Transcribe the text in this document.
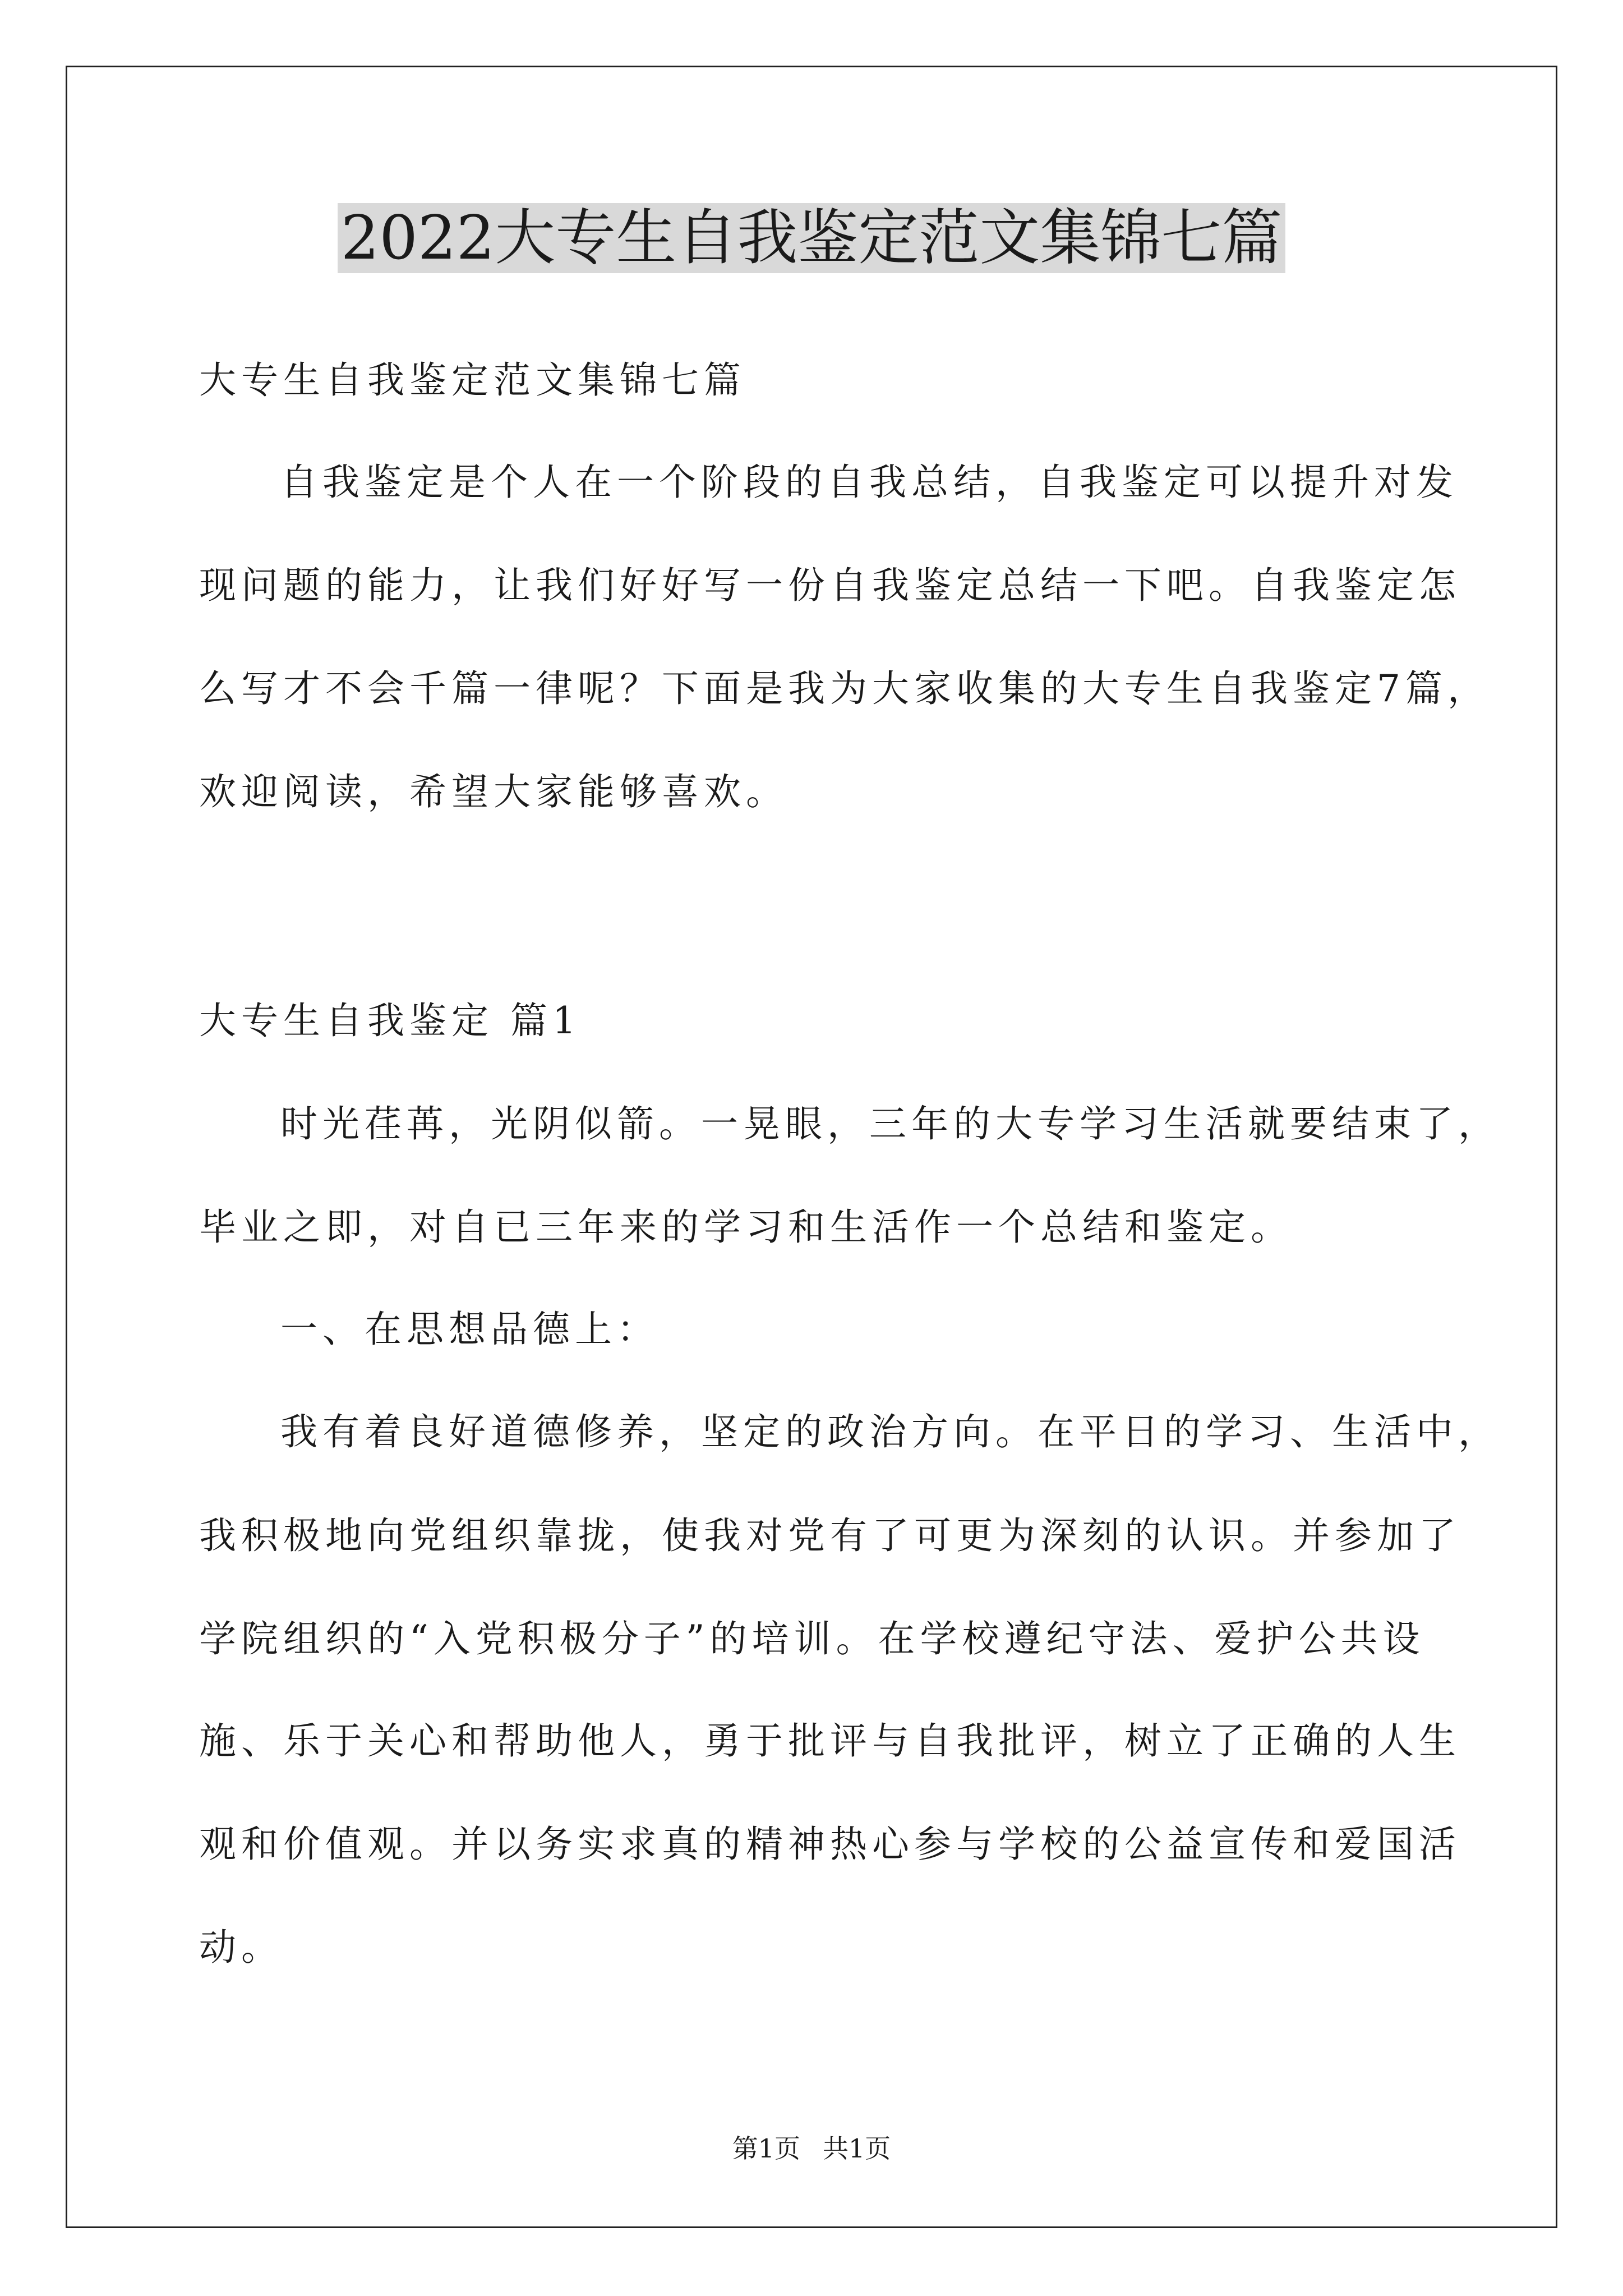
2022大专生自我鉴定范文集锦七篇
大专生自我鉴定范文集锦七篇
自我鉴定是个人在一个阶段的自我总结，自我鉴定可以提升对发
现问题的能力，让我们好好写一份自我鉴定总结一下吧。自我鉴定怎
么写才不会千篇一律呢？下面是我为大家收集的大专生自我鉴定7篇，
欢迎阅读，希望大家能够喜欢。
大专生自我鉴定 篇1
时光荏苒，光阴似箭。一晃眼，三年的大专学习生活就要结束了，
毕业之即，对自已三年来的学习和生活作一个总结和鉴定。
一、在思想品德上：
我有着良好道德修养，坚定的政治方向。在平日的学习、生活中，
我积极地向党组织靠拢，使我对党有了可更为深刻的认识。并参加了
学院组织的“入党积极分子”的培训。在学校遵纪守法、爱护公共设
施、乐于关心和帮助他人，勇于批评与自我批评，树立了正确的人生
观和价值观。并以务实求真的精神热心参与学校的公益宣传和爱国活
动。
第1页 共1页
